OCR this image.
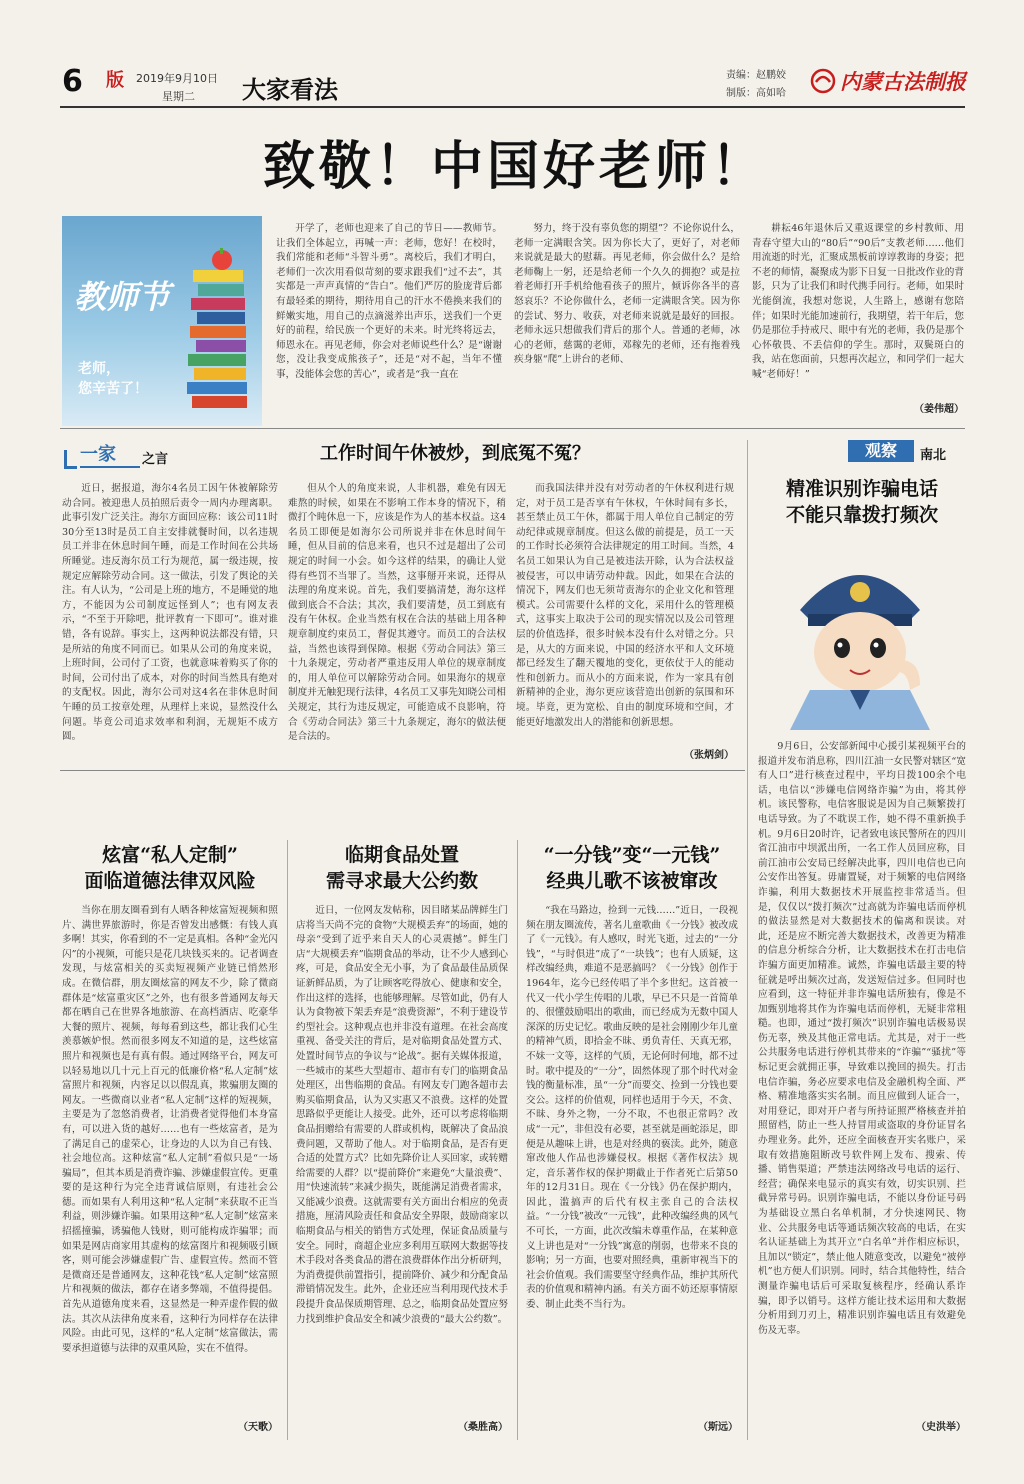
6	版	2019年9月10日
星期二	大家看法
责编：赵鹏姣
制版：高如哈	内蒙古法制报
致敬！中国好老师！
教师节
老师，
您辛苦了！

开学了，老师也迎来了自己的节日——教师节。让我们全体起立，再喊一声：老师，您好！在校时，我们常能和老师“斗智斗勇”。离校后，我们才明白，老师们一次次用看似苛刻的要求跟我们“过不去”，其实都是一声声真情的“告白”。他们严厉的脸庞背后都有最轻柔的期待，期待用自己的汗水不倦换来我们的鲜嫩实地，用自己的点滴滋养出声乐，送我们一个更好的前程，给民族一个更好的未来。时光终将远去，师恩永在。再见老师，你会对老师说些什么？是“谢谢您，没让我变成熊孩子”，还是“对不起，当年不懂事，没能体会您的苦心”，或者是“我一直在

努力，终于没有辜负您的期望”？不论你说什么，老师一定满眼含笑。因为你长大了，更好了，对老师来说就是最大的慰藉。再见老师，你会做什么？是给老师鞠上一躬，还是给老师一个久久的拥抱？或是拉着老师打开手机给他看孩子的照片，倾诉你各半的喜怒哀乐？不论你做什么，老师一定满眼含笑。因为你的尝试、努力、收获，对老师来说就是最好的回报。老师永远只想做我们背后的那个人。普通的老师，冰心的老师，慈霭的老师，邓稼先的老师，还有拖着残疾身躯“爬”上讲台的老师、

耕耘46年退休后又重返课堂的乡村教师、用青春守望大山的“80后”“90后”支教老师……他们用流逝的时光，汇聚成黑板前谆谆教诲的身姿；把不老的师情，凝聚成为影下日复一日批改作业的背影，只为了让我们和时代携手同行。老师，如果时光能倒流，我想对您说，人生路上，感谢有您陪伴；如果时光能加速前行，我期望，若干年后，您仍是那位手持戒尺、眼中有光的老师，我仍是那个心怀敬畏、不丢信仰的学生。那时，双鬓斑白的我，站在您面前，只想再次起立，和同学们一起大喊“老师好！”

（姜伟超）
一家	之言	工作时间午休被炒，到底冤不冤？

近日，据报道，海尔4名员工因午休被解除劳动合同。被迎患人员拍照后责令一周内办理离职。此事引发广泛关注。海尔方面回应称：该公司11时30分至13时是员工自主安排就餐时间，以名违规员工并非在休息时间午睡，而是工作时间在公共场所睡觉。违反海尔员工行为规范，属一级违规，按规定应解除劳动合同。这一做法，引发了舆论的关注。有人认为，“公司是上班的地方，不是睡觉的地方，不能因为公司制度远怪到人”；也有网友表示，“不至于开除吧，批评教育一下即可”。谁对谁错，各有说辞。事实上，这两种说法都没有错，只是所站的角度不同而已。如果从公司的角度来说，上班时间，公司付了工资，也就意味着购买了你的时间，公司付出了成本，对你的时间当然具有绝对的支配权。因此，海尔公司对这4名在非休息时间午睡的员工按章处理，从理样上来说，显然没什么问题。毕竟公司追求效率和利润，无规矩不成方圆。

但从个人的角度来说，人非机器，难免有因无难熬的时候，如果在不影响工作本身的情况下，稍微打个盹休息一下，应该是作为人的基本权益。这4名员工即便是如海尔公司所说并非在休息时间午睡，但从目前的信息来看，也只不过是超出了公司规定的时间一小会。如今这样的结果，的确让人觉得有些罚不当罪了。当然，这事掰开来说，还得从法理的角度来说。首先，我们要搞清楚，海尔这样做到底合不合法；其次，我们要清楚，员工到底有没有午休权。企业当然有权在合法的基础上用各种规章制度约束员工，督促其遵守。而员工的合法权益，当然也该得到保障。根据《劳动合同法》第三十九条规定，劳动者严重违反用人单位的规章制度的，用人单位可以解除劳动合同。如果海尔的规章制度并无触犯现行法律，4名员工又事先知晓公司相关规定，其行为违反规定，可能造成不良影响，符合《劳动合同法》第三十九条规定，海尔的做法便是合法的。

而我国法律并没有对劳动者的午休权利进行规定，对于员工是否享有午休权，午休时间有多长，甚至禁止员工午休，都属于用人单位自己制定的劳动纪律或规章制度。但这么做的前提是，员工一天的工作时长必须符合法律规定的用工时间。当然，4名员工如果认为自己是被违法开除，认为合法权益被侵害，可以申请劳动仲裁。因此，如果在合法的情况下，网友们也无须苛责海尔的企业文化和管理模式。公司需要什么样的文化，采用什么的管理模式，这事实上取决于公司的现实情况以及公司管理层的价值选择，很多时候本没有什么对错之分。只是，从大的方面来说，中国的经济水平和人文环境都已经发生了翻天覆地的变化，更依仗于人的能动性和创新力。而从小的方面来说，作为一家具有创新精神的企业，海尔更应该营造出创新的氛围和环境。毕竟，更为宽松、自由的制度环境和空间，才能更好地激发出人的潜能和创新思想。

（张炳剑）
观察	南北
精准识别诈骗电话
不能只靠拨打频次

9月6日，公安部新闻中心援引某视频平台的报道并发布消息称，四川江油一女民警对辖区“宽有人口”进行核查过程中，平均日拨100余个电话，电信以“涉嫌电信网络诈骗”为由，将其停机。该民警称，电信客服说是因为自己频繁拨打电话导致。为了不耽误工作，她不得不重新换手机。9月6日20时许，记者致电该民警所在的四川省江油市中坝派出所，一名工作人员回应称，目前江油市公安局已经解决此事，四川电信也已向公安作出答复。毋庸置疑，对于频繁的电信网络诈骗，利用大数据技术开展监控非常适当。但是，仅仅以“拨打频次”过高就为诈骗电话而停机的做法显然是对大数据技术的偏离和误读。对此，还是应不断完善大数据技术，改善更为精准的信息分析综合分析，让大数据技术在打击电信诈骗方面更加精准。诚然，诈骗电话最主要的特征就是呼出频次过高，发送短信过多。但同时也应看到，这一特征并非诈骗电话所独有，像是不加甄别地将其作为诈骗电话而停机，无疑非常粗糙。也即，通过“拨打频次”识别诈骗电话极易误伤无辜，殃及其他正常电话。尤其是，对于一些公共服务电话进行停机其带来的“诈骗”“骚扰”等标记更会就拥正事，导致难以挽回的损失。打击电信诈骗，务必应要求电信及金融机构全面、严格、精准地落实实名制。而且应做到人证合一，对用登记，即对开户者与所持证照严格核查并拍照留档，防止一些人持冒用或盗取的身份证冒名办理业务。此外，还应全面核查开实名账户，采取有效措施阻断改号软件网上发布、搜索、传播、销售渠道；严禁违法网络改号电话的运行、经营；确保来电显示的真实有效，切实识别、拦截异常号码。识别诈骗电话，不能以身份证号码为基础设立黑白名单机制，才分快速网民、物业、公共服务电话等通话频次较高的电话，在实名认证基础上为其开立“白名单”并作相应标识，且加以“锁定”，禁止他人随意变改，以避免“被停机”也方便人们识别。同时，结合其他特性，结合测量诈骗电话后可采取复核程序，经确认系诈骗，即予以销号。这样方能让技术运用和大数据分析用到刀刃上，精准识别诈骗电话且有效避免伤及无辜。

（史洪举）
炫富“私人定制”
面临道德法律双风险

当你在朋友圈看到有人晒各种炫富短视频和照片、满世界旅游时，你是否曾发出感慨：有钱人真多啊！其实，你看到的不一定是真相。各种“金光闪闪”的小视频，可能只是花几块钱买来的。记者调查发现，与炫富相关的买卖短视频产业链已悄然形成。在微信群，朋友圈炫富的网友不少，除了微商群体是“炫富重灾区”之外，也有很多普通网友每天都在晒自己在世界各地旅游、在高档酒店、吃豪华大餐的照片、视频，每每看到这些，都让我们心生羡慕嫉妒恨。然而很多网友不知道的是，这些炫富照片和视频也是有真有假。通过网络平台，网友可以轻易地以几十元上百元的低廉价格“私人定制”炫富照片和视频，内容足以以假乱真，欺骗朋友圈的网友。一些微商以业者“私人定制”这样的短视频，主要是为了忽悠消费者，让消费者觉得他们本身富有，可以进入货的越好……也有一些炫富者，是为了满足自己的虚荣心，让身边的人以为自己有钱、社会地位高。这种炫富“私人定制”看似只是“一场骗局”，但其本质是消费诈骗、涉嫌虚假宣传。更重要的是这种行为完全违背诚信原则，有违社会公德。而如果有人利用这种“私人定制”来获取不正当利益，则涉嫌诈骗。如果用这种“私人定制”炫富来招摇撞骗，诱骗他人钱财，则可能构成诈骗罪；而如果是网店商家用其虚构的炫富图片和视频吸引顾客，则可能会涉嫌虚假广告、虚假宣传。然而不管是微商还是普通网友，这种花钱“私人定制”炫富照片和视频的做法，都存在诸多弊端，不值得提倡。首先从道德角度来看，这显然是一种弄虚作假的做法。其次从法律角度来看，这种行为同样存在法律风险。由此可见，这样的“私人定制”炫富做法，需要承担道德与法律的双重风险，实在不值得。

（天歌）
临期食品处置
需寻求最大公约数

近日，一位网友发帖称，因目睹某品牌鲜生门店将当天尚不完的食物“大规模丢弃”的场面，她的母亲“受到了近乎来自天人的心灵震撼”。鲜生门店“大规模丢弃”临期食品的举动，让不少人感到心疼，可是，食品安全无小事，为了食品最佳品质保证新鲜品质，为了让顾客吃得放心、健康和安全，作出这样的选择，也能够理解。尽管如此，仍有人认为食物被下架丢弃是“浪费资源”，不利于建设节约型社会。这种观点也并非没有道理。在社会高度重视、备受关注的背后，是对临期食品处置方式、处置时间节点的争议与“论战”。据有关媒体报道，一些城市的某些大型超市、超市有专门的临期食品处理区，出售临期的食品。有网友专门跑各超市去购买临期食品，认为又实惠又不浪费。这样的处置思路似乎更能让人接受。此外，还可以考虑将临期食品捐赠给有需要的人群或机构，既解决了食品浪费问题，又帮助了他人。对于临期食品，是否有更合适的处置方式？比如先降价让人买回家，或转赠给需要的人群？以“提前降价”来避免“大量浪费”、用“快速流转”来减少损失，既能满足消费者需求，又能减少浪费。这就需要有关方面出台相应的免责措施，厘清风险责任和食品安全界限，鼓励商家以临期食品与相关的销售方式处理，保证食品质量与安全。同时，商超企业应多利用互联网大数据等技术手段对各类食品的潜在浪费群体作出分析研判，为消费提供前置指引，提前降价、减少和分配食品滞销情况发生。此外，企业还应当利用现代技术手段提升食品保质期管理、总之，临期食品处置应努力找到维护食品安全和减少浪费的“最大公约数”。

（桑胜高）
“一分钱”变“一元钱”
经典儿歌不该被窜改

“我在马路边，捡到一元钱……”近日，一段视频在朋友圈流传，著名儿童歌曲《一分钱》被改成了《一元钱》。有人感叹，时光飞逝，过去的“一分钱”，“与时俱进”成了“一块钱”；也有人质疑，这样改编经典，难道不是恶搞吗？《一分钱》创作于1964年，迄今已经传唱了半个多世纪。这首被一代又一代小学生传唱的儿歌，早已不只是一首简单的、很懂鼓励唱出的歌曲，而已经成为无数中国人深深的历史记忆。歌曲反映的是社会刚刚少年儿童的精神气质，即拾金不昧、勇负青任、天真无邪，不妹一文等，这样的气质，无论何时何地，都不过时。歌中提及的“一分”，固然体现了那个时代对金钱的衡量标准，虽“一分”而要交、捡到一分钱也要交公。这样的价值观，同样也适用于今天，不贪、不昧、身外之物，一分不取，不也很正常吗？改成“一元”，非但没有必要，甚至就是画蛇添足，即便是从趣味上讲，也是对经典的亵渎。此外，随意窜改他人作品也涉嫌侵权。根据《著作权法》规定，音乐著作权的保护期截止于作者死亡后第50年的12月31日。现在《一分钱》仍在保护期内，因此，滥搞声的后代有权主张自己的合法权益。“一分钱”被改“一元钱”，此种改编经典的风气不可长，一方面，此次改编未尊重作品，在某种意义上讲也是对“一分钱”寓意的削弱，也带来不良的影响；另一方面，也要对照经典，重新审视当下的社会价值观。我们需要坚守经典作品，维护其所代表的价值观和精神内涵。有关方面不妨还原事情原委、制止此类不当行为。

（斯远）
